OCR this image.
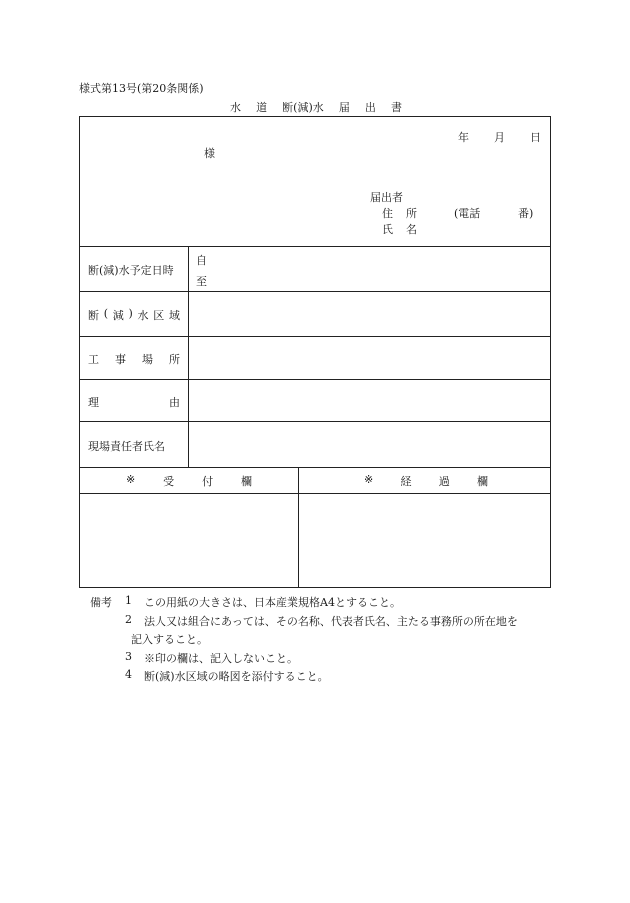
様式第13号(第20条関係)
水 道 断(減)水 届 出 書
年 月 日
様
届出者
住 所	(電話	番)
氏 名
断(減)水予定日時
自
至
断 ( 減 ) 水 区 域
工 事 場 所
理	由
現場責任者氏名
※	受	付	欄	※ 経 過 欄
備考 1 この用紙の大きさは、日本産業規格A4とすること。
2 法人又は組合にあっては、その名称、代表者氏名、主たる事務所の所在地を
記入すること。
3 ※印の欄は、記入しないこと。
4 断(減)水区域の略図を添付すること。
